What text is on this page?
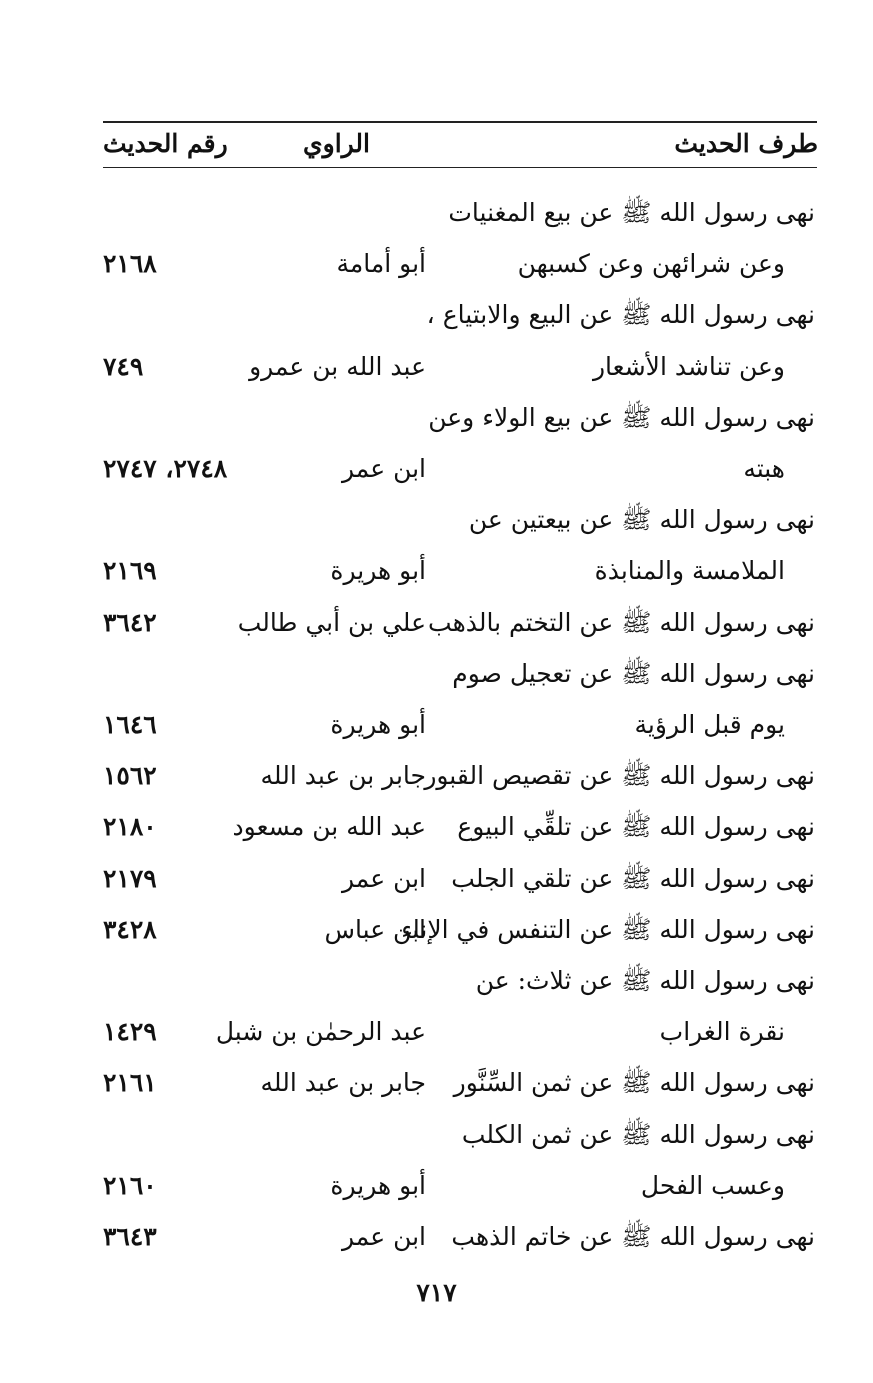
طرف الحديث
الراوي
رقم الحديث
نهى رسول الله ﷺ عن بيع المغنيات
وعن شرائهن وعن كسبهن
أبو أمامة
٢١٦٨
نهى رسول الله ﷺ عن البيع والابتياع ،
وعن تناشد الأشعار
عبد الله بن عمرو
٧٤٩
نهى رسول الله ﷺ عن بيع الولاء وعن
هبته
ابن عمر
٢٧٤٨، ٢٧٤٧
نهى رسول الله ﷺ عن بيعتين عن
الملامسة والمنابذة
أبو هريرة
٢١٦٩
نهى رسول الله ﷺ عن التختم بالذهب
علي بن أبي طالب
٣٦٤٢
نهى رسول الله ﷺ عن تعجيل صوم
يوم قبل الرؤية
أبو هريرة
١٦٤٦
نهى رسول الله ﷺ عن تقصيص القبور
جابر بن عبد الله
١٥٦٢
نهى رسول الله ﷺ عن تلقِّي البيوع
عبد الله بن مسعود
٢١٨٠
نهى رسول الله ﷺ عن تلقي الجلب
ابن عمر
٢١٧٩
نهى رسول الله ﷺ عن التنفس في الإناء
ابن عباس
٣٤٢٨
نهى رسول الله ﷺ عن ثلاث: عن
نقرة الغراب
عبد الرحمٰن بن شبل
١٤٢٩
نهى رسول الله ﷺ عن ثمن السِّنَّور
جابر بن عبد الله
٢١٦١
نهى رسول الله ﷺ عن ثمن الكلب
وعسب الفحل
أبو هريرة
٢١٦٠
نهى رسول الله ﷺ عن خاتم الذهب
ابن عمر
٣٦٤٣
٧١٧
